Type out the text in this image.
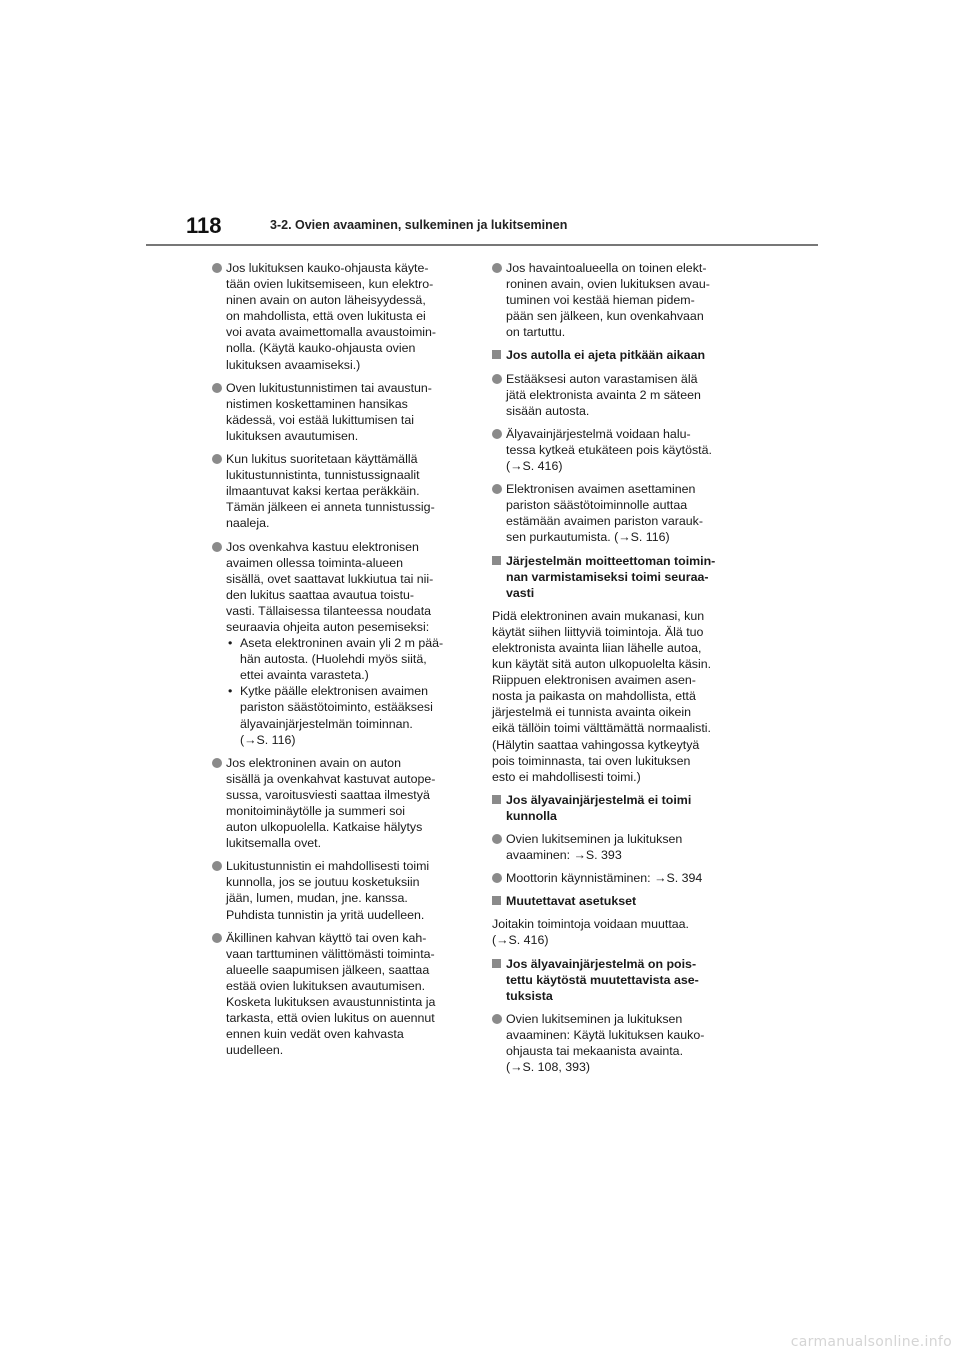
118	3-2. Ovien avaaminen, sulkeminen ja lukitseminen
Jos lukituksen kauko-ohjausta käyte-
tään ovien lukitsemiseen, kun elektro-
ninen avain on auton läheisyydessä,
on mahdollista, että oven lukitusta ei
voi avata avaimettomalla avaustoimin-
nolla. (Käytä kauko-ohjausta ovien
lukituksen avaamiseksi.)
Oven lukitustunnistimen tai avaustun-
nistimen koskettaminen hansikas
kädessä, voi estää lukittumisen tai
lukituksen avautumisen.
Kun lukitus suoritetaan käyttämällä
lukitustunnistinta, tunnistussignaalit
ilmaantuvat kaksi kertaa peräkkäin.
Tämän jälkeen ei anneta tunnistussig-
naaleja.
Jos ovenkahva kastuu elektronisen
avaimen ollessa toiminta-alueen
sisällä, ovet saattavat lukkiutua tai nii-
den lukitus saattaa avautua toistu-
vasti. Tällaisessa tilanteessa noudata
seuraavia ohjeita auton pesemiseksi:
• Aseta elektroninen avain yli 2 m pää-
hän autosta. (Huolehdi myös siitä,
ettei avainta varasteta.)
• Kytke päälle elektronisen avaimen
pariston säästötoiminto, estääksesi
älyavainjärjestelmän toiminnan.
(→S. 116)
Jos elektroninen avain on auton
sisällä ja ovenkahvat kastuvat autope-
sussa, varoitusviesti saattaa ilmestyä
monitoiminäytölle ja summeri soi
auton ulkopuolella. Katkaise hälytys
lukitsemalla ovet.
Lukitustunnistin ei mahdollisesti toimi
kunnolla, jos se joutuu kosketuksiin
jään, lumen, mudan, jne. kanssa.
Puhdista tunnistin ja yritä uudelleen.
Äkillinen kahvan käyttö tai oven kah-
vaan tarttuminen välittömästi toiminta-
alueelle saapumisen jälkeen, saattaa
estää ovien lukituksen avautumisen.
Kosketa lukituksen avaustunnistinta ja
tarkasta, että ovien lukitus on auennut
ennen kuin vedät oven kahvasta
uudelleen.
Jos havaintoalueella on toinen elekt-
roninen avain, ovien lukituksen avau-
tuminen voi kestää hieman pidem-
pään sen jälkeen, kun ovenkahvaan
on tartuttu.
Jos autolla ei ajeta pitkään aikaan
Estääksesi auton varastamisen älä
jätä elektronista avainta 2 m säteen
sisään autosta.
Älyavainjärjestelmä voidaan halu-
tessa kytkeä etukäteen pois käytöstä.
(→S. 416)
Elektronisen avaimen asettaminen
pariston säästötoiminnolle auttaa
estämään avaimen pariston varauk-
sen purkautumista. (→S. 116)
Järjestelmän moitteettoman toimin-
nan varmistamiseksi toimi seuraa-
vasti
Pidä elektroninen avain mukanasi, kun
käytät siihen liittyviä toimintoja. Älä tuo
elektronista avainta liian lähelle autoa,
kun käytät sitä auton ulkopuolelta käsin.
Riippuen elektronisen avaimen asen-
nosta ja paikasta on mahdollista, että
järjestelmä ei tunnista avainta oikein
eikä tällöin toimi välttämättä normaalisti.
(Hälytin saattaa vahingossa kytkeytyä
pois toiminnasta, tai oven lukituksen
esto ei mahdollisesti toimi.)
Jos älyavainjärjestelmä ei toimi
kunnolla
Ovien lukitseminen ja lukituksen
avaaminen: →S. 393
Moottorin käynnistäminen: →S. 394
Muutettavat asetukset
Joitakin toimintoja voidaan muuttaa.
(→S. 416)
Jos älyavainjärjestelmä on pois-
tettu käytöstä muutettavista ase-
tuksista
Ovien lukitseminen ja lukituksen
avaaminen: Käytä lukituksen kauko-
ohjausta tai mekaanista avainta.
(→S. 108, 393)
carmanualsonline.info
